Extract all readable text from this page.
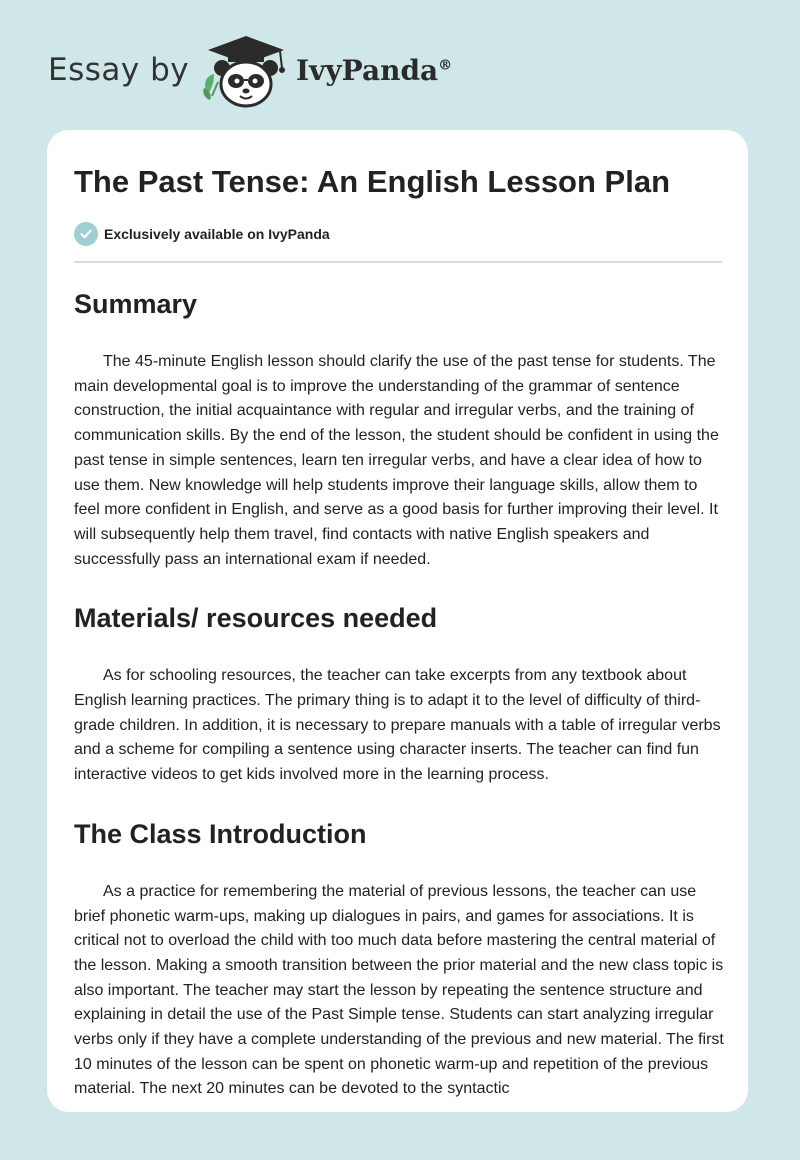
Essay by	IvyPanda®
The Past Tense: An English Lesson Plan
Exclusively available on IvyPanda
Summary

The 45-minute English lesson should clarify the use of the past tense for students. The main developmental goal is to improve the understanding of the grammar of sentence construction, the initial acquaintance with regular and irregular verbs, and the training of communication skills. By the end of the lesson, the student should be confident in using the past tense in simple sentences, learn ten irregular verbs, and have a clear idea of how to use them. New knowledge will help students improve their language skills, allow them to feel more confident in English, and serve as a good basis for further improving their level. It will subsequently help them travel, find contacts with native English speakers and successfully pass an international exam if needed.

Materials/ resources needed

As for schooling resources, the teacher can take excerpts from any textbook about English learning practices. The primary thing is to adapt it to the level of difficulty of third-grade children. In addition, it is necessary to prepare manuals with a table of irregular verbs and a scheme for compiling a sentence using character inserts. The teacher can find fun interactive videos to get kids involved more in the learning process.

The Class Introduction

As a practice for remembering the material of previous lessons, the teacher can use brief phonetic warm-ups, making up dialogues in pairs, and games for associations. It is critical not to overload the child with too much data before mastering the central material of the lesson. Making a smooth transition between the prior material and the new class topic is also important. The teacher may start the lesson by repeating the sentence structure and explaining in detail the use of the Past Simple tense. Students can start analyzing irregular verbs only if they have a complete understanding of the previous and new material. The first 10 minutes of the lesson can be spent on phonetic warm-up and repetition of the previous material. The next 20 minutes can be devoted to the syntactic
